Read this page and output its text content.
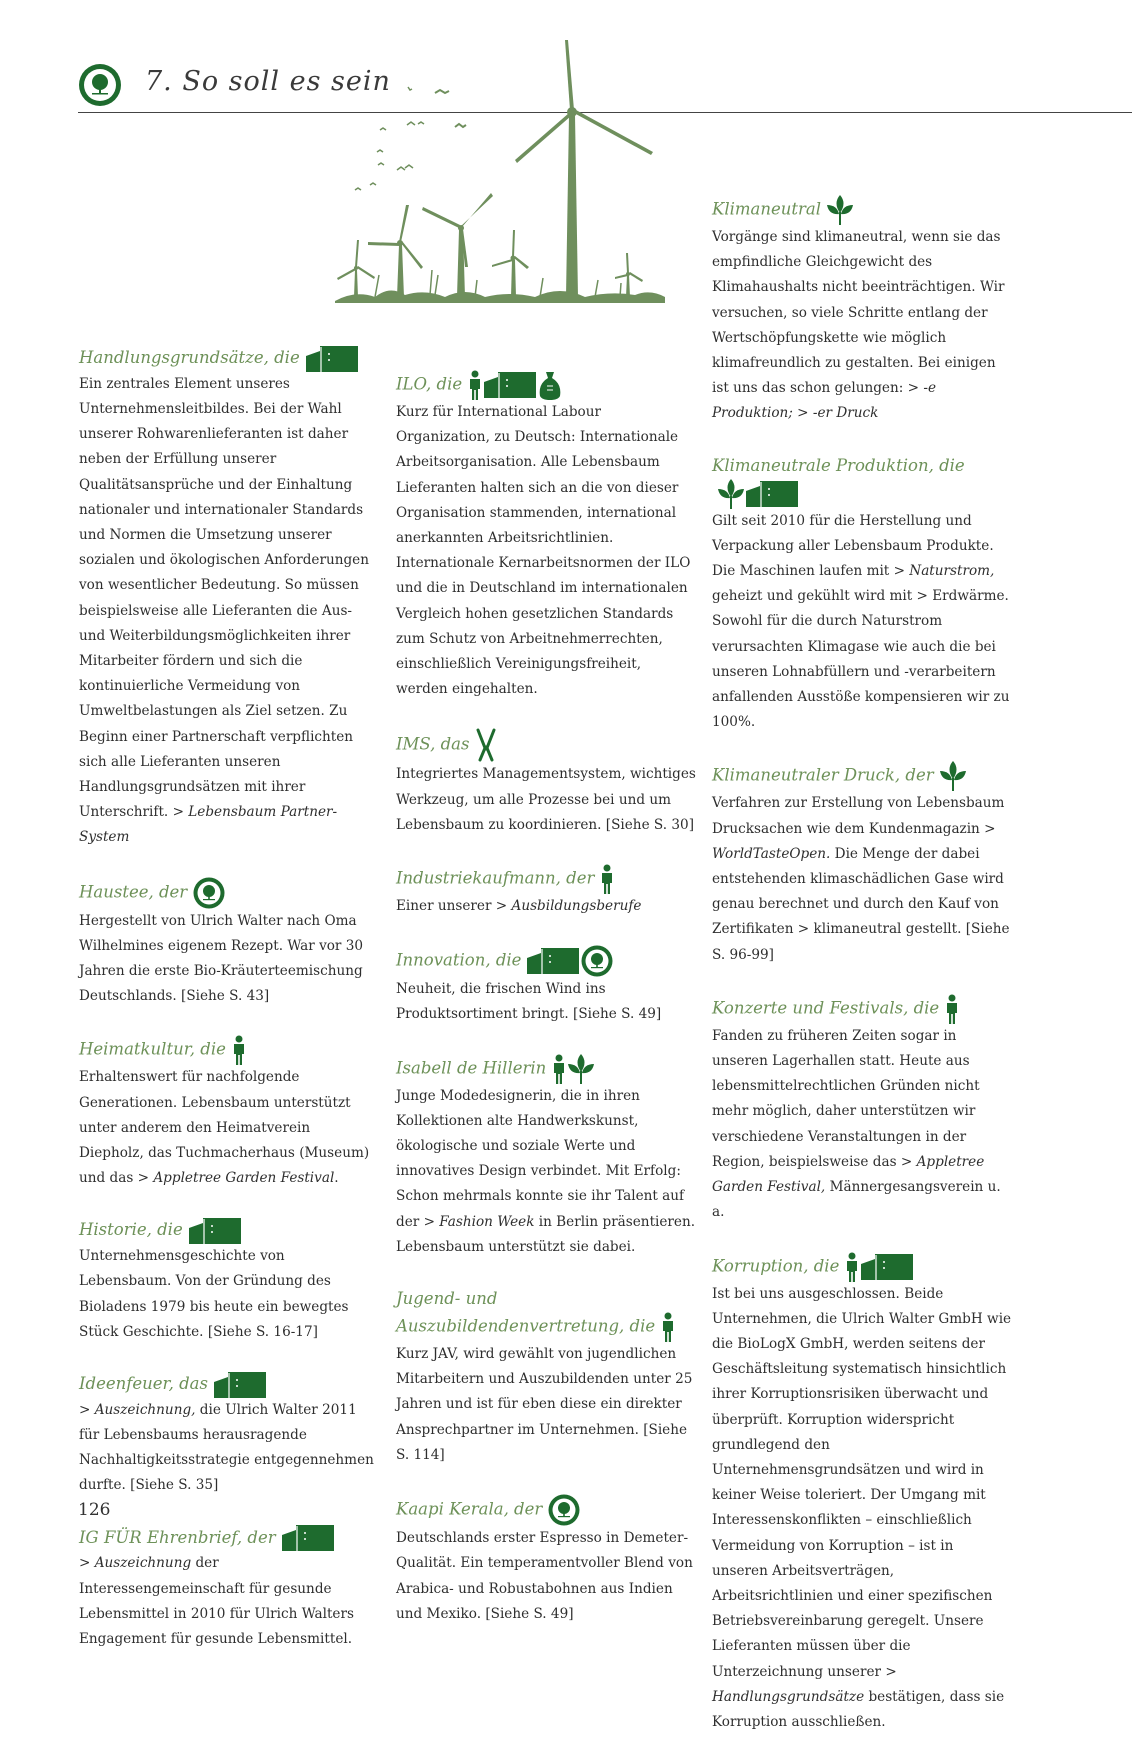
7. So soll es sein
Handlungsgrundsätze, die
Ein zentrales Element unseres Unternehmensleitbildes. Bei der Wahl unserer Rohwarenlieferanten ist daher neben der Erfüllung unserer Qualitätsansprüche und der Einhaltung nationaler und internationaler Standards und Normen die Umsetzung unserer sozialen und ökologischen Anforderungen von wesentlicher Bedeutung. So müssen beispielsweise alle Lieferanten die Aus- und Weiterbildungsmöglichkeiten ihrer Mitarbeiter fördern und sich die kontinuierliche Vermeidung von Umweltbelastungen als Ziel setzen. Zu Beginn einer Partnerschaft verpflichten sich alle Lieferanten unseren Handlungsgrundsätzen mit ihrer Unterschrift. > Lebensbaum Partner-System
Haustee, der
Hergestellt von Ulrich Walter nach Oma Wilhelmines eigenem Rezept. War vor 30 Jahren die erste Bio-Kräuterteemischung Deutschlands. [Siehe S. 43]
Heimatkultur, die
Erhaltenswert für nachfolgende Generationen. Lebensbaum unterstützt unter anderem den Heimatverein Diepholz, das Tuchmacherhaus (Museum) und das > Appletree Garden Festival.
Historie, die
Unternehmensgeschichte von Lebensbaum. Von der Gründung des Bioladens 1979 bis heute ein bewegtes Stück Geschichte. [Siehe S. 16-17]
Ideenfeuer, das
> Auszeichnung, die Ulrich Walter 2011 für Lebensbaums herausragende Nachhaltigkeitsstrategie entgegennehmen durfte. [Siehe S. 35]
IG FÜR Ehrenbrief, der
> Auszeichnung der Interessengemeinschaft für gesunde Lebensmittel in 2010 für Ulrich Walters Engagement für gesunde Lebensmittel.
ILO, die
Kurz für International Labour Organization, zu Deutsch: Internationale Arbeitsorganisation. Alle Lebensbaum Lieferanten halten sich an die von dieser Organisation stammenden, international anerkannten Arbeitsrichtlinien. Internationale Kernarbeitsnormen der ILO und die in Deutschland im internationalen Vergleich hohen gesetzlichen Standards zum Schutz von Arbeitnehmerrechten, einschließlich Vereinigungsfreiheit, werden eingehalten.
IMS, das
Integriertes Managementsystem, wichtiges Werkzeug, um alle Prozesse bei und um Lebensbaum zu koordinieren. [Siehe S. 30]
Industriekaufmann, der
Einer unserer > Ausbildungsberufe
Innovation, die
Neuheit, die frischen Wind ins Produktsortiment bringt. [Siehe S. 49]
Isabell de Hillerin
Junge Modedesignerin, die in ihren Kollektionen alte Handwerkskunst, ökologische und soziale Werte und innovatives Design verbindet. Mit Erfolg: Schon mehrmals konnte sie ihr Talent auf der > Fashion Week in Berlin präsentieren. Lebensbaum unterstützt sie dabei.
Jugend- und Auszubildendenvertretung, die
Kurz JAV, wird gewählt von jugendlichen Mitarbeitern und Auszubildenden unter 25 Jahren und ist für eben diese ein direkter Ansprechpartner im Unternehmen. [Siehe S. 114]
Kaapi Kerala, der
Deutschlands erster Espresso in Demeter-Qualität. Ein temperamentvoller Blend von Arabica- und Robustabohnen aus Indien und Mexiko. [Siehe S. 49]
Klimaneutral
Vorgänge sind klimaneutral, wenn sie das empfindliche Gleichgewicht des Klimahaushalts nicht beeinträchtigen. Wir versuchen, so viele Schritte entlang der Wertschöpfungskette wie möglich klimafreundlich zu gestalten. Bei einigen ist uns das schon gelungen: > -e Produktion; > -er Druck
Klimaneutrale Produktion, die
Gilt seit 2010 für die Herstellung und Verpackung aller Lebensbaum Produkte. Die Maschinen laufen mit > Naturstrom, geheizt und gekühlt wird mit > Erdwärme. Sowohl für die durch Naturstrom verursachten Klimagase wie auch die bei unseren Lohnabfüllern und -verarbeitern anfallenden Ausstöße kompensieren wir zu 100%.
Klimaneutraler Druck, der
Verfahren zur Erstellung von Lebensbaum Drucksachen wie dem Kundenmagazin > WorldTasteOpen. Die Menge der dabei entstehenden klimaschädlichen Gase wird genau berechnet und durch den Kauf von Zertifikaten > klimaneutral gestellt. [Siehe S. 96-99]
Konzerte und Festivals, die
Fanden zu früheren Zeiten sogar in unseren Lagerhallen statt. Heute aus lebensmittelrechtlichen Gründen nicht mehr möglich, daher unterstützen wir verschiedene Veranstaltungen in der Region, beispielsweise das > Appletree Garden Festival, Männergesangsverein u. a.
Korruption, die
Ist bei uns ausgeschlossen. Beide Unternehmen, die Ulrich Walter GmbH wie die BioLogX GmbH, werden seitens der Geschäftsleitung systematisch hinsichtlich ihrer Korruptionsrisiken überwacht und überprüft. Korruption widerspricht grundlegend den Unternehmensgrundsätzen und wird in keiner Weise toleriert. Der Umgang mit Interessenskonflikten – einschließlich Vermeidung von Korruption – ist in unseren Arbeitsverträgen, Arbeitsrichtlinien und einer spezifischen Betriebsvereinbarung geregelt. Unsere Lieferanten müssen über die Unterzeichnung unserer > Handlungsgrundsätze bestätigen, dass sie Korruption ausschließen.
126
